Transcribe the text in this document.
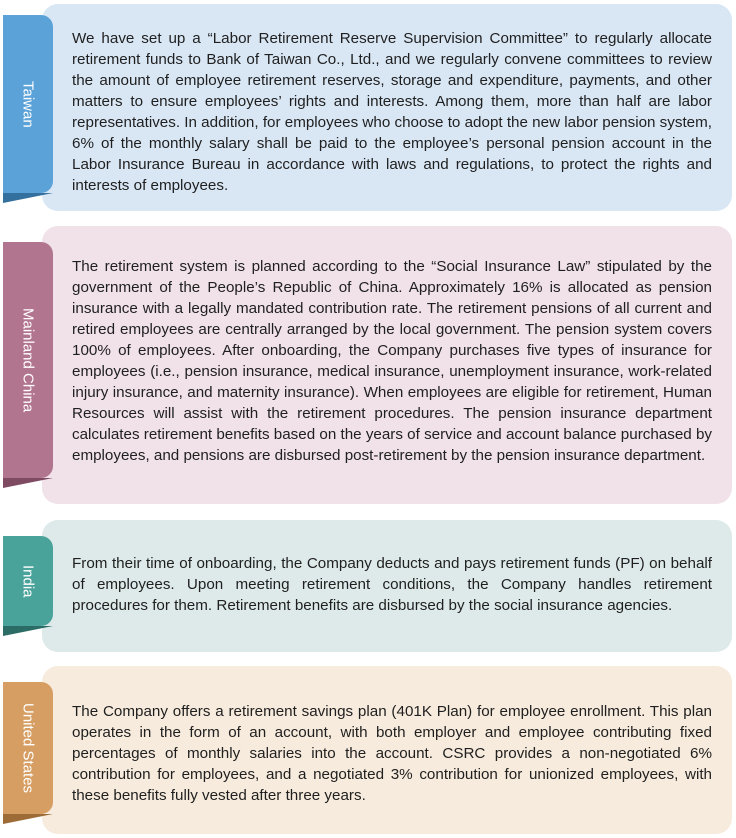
We have set up a “Labor Retirement Reserve Supervision Committee” to regularly allocate retirement funds to Bank of Taiwan Co., Ltd., and we regularly convene committees to review the amount of employee retirement reserves, storage and expenditure, payments, and other matters to ensure employees’ rights and interests. Among them, more than half are labor representatives. In addition, for employees who choose to adopt the new labor pension system, 6% of the monthly salary shall be paid to the employee’s personal pension account in the Labor Insurance Bureau in accordance with laws and regulations, to protect the rights and interests of employees.

Taiwan

The retirement system is planned according to the “Social Insurance Law” stipulated by the government of the People’s Republic of China. Approximately 16% is allocated as pension insurance with a legally mandated contribution rate. The retirement pensions of all current and retired employees are centrally arranged by the local government. The pension system covers 100% of employees. After onboarding, the Company purchases five types of insurance for employees (i.e., pension insurance, medical insurance, unemployment insurance, work-related injury insurance, and maternity insurance). When employees are eligible for retirement, Human Resources will assist with the retirement procedures. The pension insurance department calculates retirement benefits based on the years of service and account balance purchased by employees, and pensions are disbursed post-retirement by the pension insurance department.

Mainland China

From their time of onboarding, the Company deducts and pays retirement funds (PF) on behalf of employees. Upon meeting retirement conditions, the Company handles retirement procedures for them. Retirement benefits are disbursed by the social insurance agencies.

India

The Company offers a retirement savings plan (401K Plan) for employee enrollment. This plan operates in the form of an account, with both employer and employee contributing fixed percentages of monthly salaries into the account. CSRC provides a non-negotiated 6% contribution for employees, and a negotiated 3% contribution for unionized employees, with these benefits fully vested after three years.

United States
